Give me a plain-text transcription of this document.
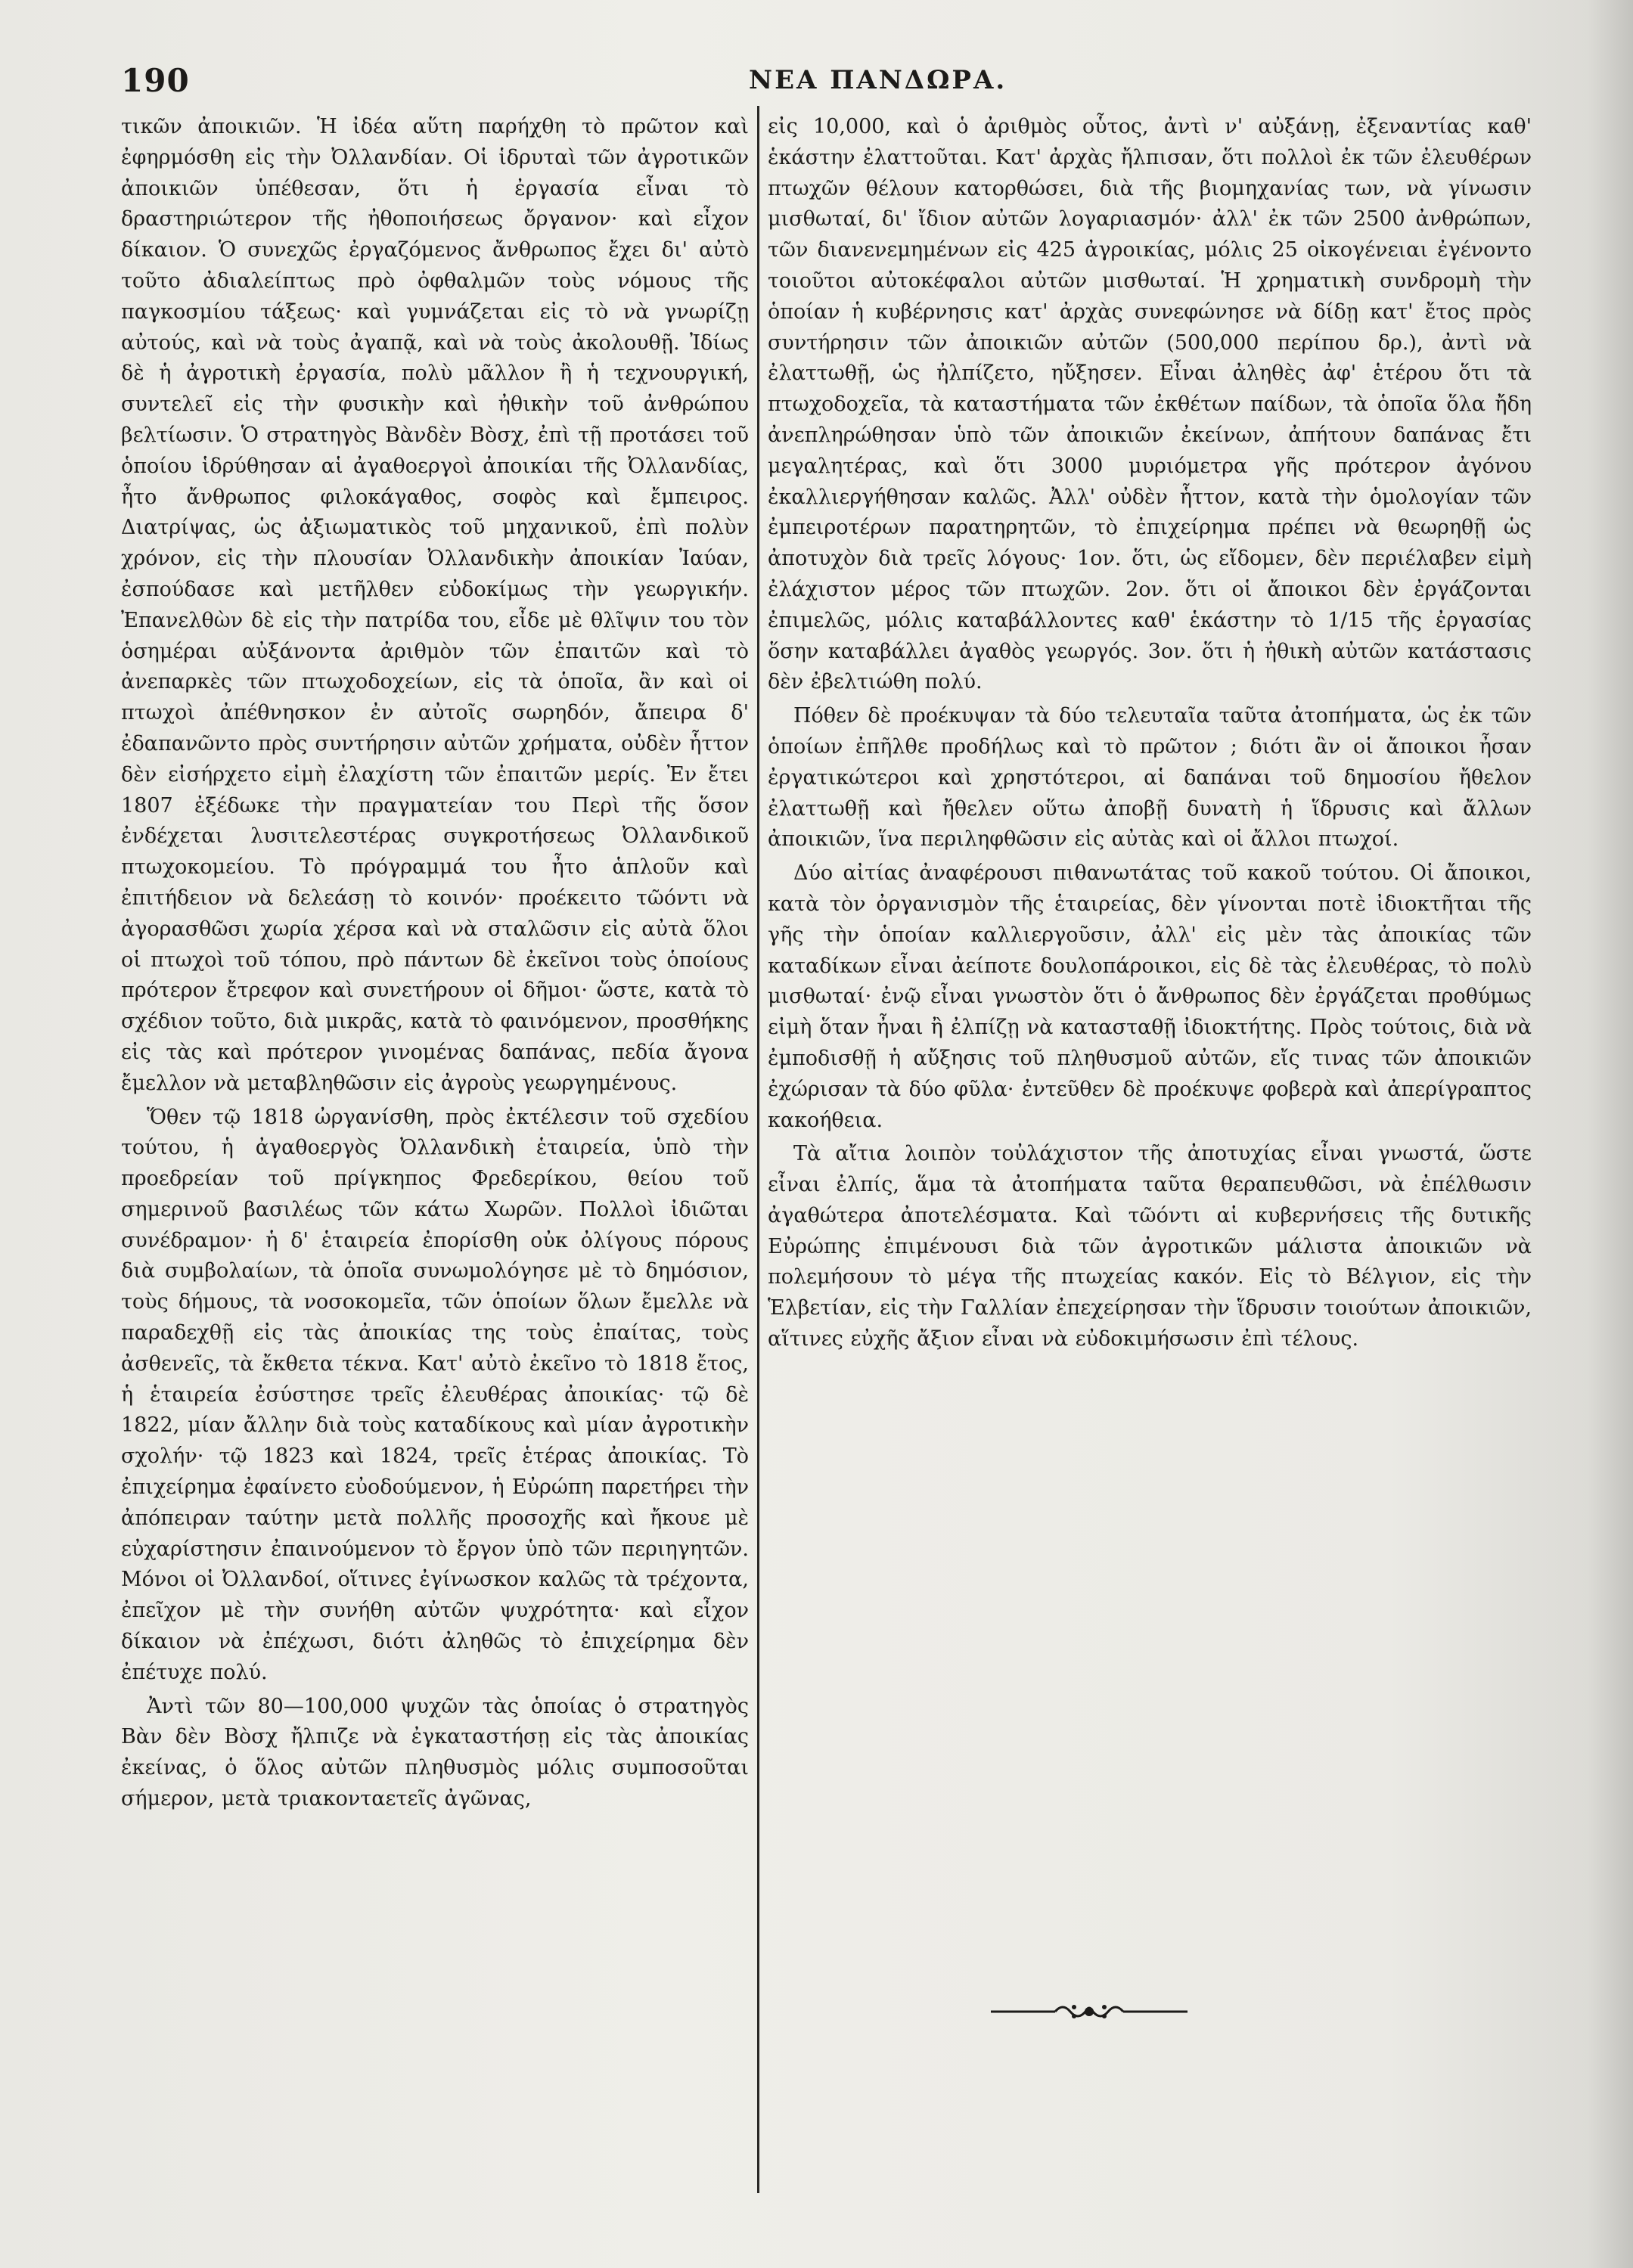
190	ΝΕΑ ΠΑΝΔΩΡΑ.

τικῶν ἀποικιῶν. Ἡ ἰδέα αὕτη παρήχθη τὸ πρῶτον καὶ ἐφηρμόσθη εἰς τὴν Ὀλλανδίαν. Οἱ ἱδρυταὶ τῶν ἀγροτικῶν ἀποικιῶν ὑπέθεσαν, ὅτι ἡ ἐργασία εἶναι τὸ δραστηριώτερον τῆς ἠθοποιήσεως ὄργανον· καὶ εἶχον δίκαιον. Ὁ συνεχῶς ἐργαζόμενος ἄνθρωπος ἔχει δι' αὐτὸ τοῦτο ἀδιαλείπτως πρὸ ὀφθαλμῶν τοὺς νόμους τῆς παγκοσμίου τάξεως· καὶ γυμνάζεται εἰς τὸ νὰ γνωρίζῃ αὐτούς, καὶ νὰ τοὺς ἀγαπᾷ, καὶ νὰ τοὺς ἀκολουθῇ. Ἰδίως δὲ ἡ ἀγροτικὴ ἐργασία, πολὺ μᾶλλον ἢ ἡ τεχνουργική, συντελεῖ εἰς τὴν φυσικὴν καὶ ἠθικὴν τοῦ ἀνθρώπου βελτίωσιν. Ὁ στρατηγὸς Βὰνδὲν Βὸσχ, ἐπὶ τῇ προτάσει τοῦ ὁποίου ἱδρύθησαν αἱ ἀγαθοεργοὶ ἀποικίαι τῆς Ὀλλανδίας, ἦτο ἄνθρωπος φιλοκάγαθος, σοφὸς καὶ ἔμπειρος. Διατρίψας, ὡς ἀξιωματικὸς τοῦ μηχανικοῦ, ἐπὶ πολὺν χρόνον, εἰς τὴν πλουσίαν Ὀλλανδικὴν ἀποικίαν Ἰαύαν, ἐσπούδασε καὶ μετῆλθεν εὐδοκίμως τὴν γεωργικήν. Ἐπανελθὼν δὲ εἰς τὴν πατρίδα του, εἶδε μὲ θλῖψιν του τὸν ὁσημέραι αὐξάνοντα ἀριθμὸν τῶν ἐπαιτῶν καὶ τὸ ἀνεπαρκὲς τῶν πτωχοδοχείων, εἰς τὰ ὁποῖα, ἂν καὶ οἱ πτωχοὶ ἀπέθνησκον ἐν αὐτοῖς σωρηδόν, ἄπειρα δ' ἐδαπανῶντο πρὸς συντήρησιν αὐτῶν χρήματα, οὐδὲν ἧττον δὲν εἰσήρχετο εἰμὴ ἐλαχίστη τῶν ἐπαιτῶν μερίς. Ἐν ἔτει 1807 ἐξέδωκε τὴν πραγματείαν του Περὶ τῆς ὅσον ἐνδέχεται λυσιτελεστέρας συγκροτήσεως Ὀλλανδικοῦ πτωχοκομείου. Τὸ πρόγραμμά του ἦτο ἁπλοῦν καὶ ἐπιτήδειον νὰ δελεάσῃ τὸ κοινόν· προέκειτο τῶόντι νὰ ἀγορασθῶσι χωρία χέρσα καὶ νὰ σταλῶσιν εἰς αὐτὰ ὅλοι οἱ πτωχοὶ τοῦ τόπου, πρὸ πάντων δὲ ἐκεῖνοι τοὺς ὁποίους πρότερον ἔτρεφον καὶ συνετήρουν οἱ δῆμοι· ὥστε, κατὰ τὸ σχέδιον τοῦτο, διὰ μικρᾶς, κατὰ τὸ φαινόμενον, προσθήκης εἰς τὰς καὶ πρότερον γινομένας δαπάνας, πεδία ἄγονα ἔμελλον νὰ μεταβληθῶσιν εἰς ἀγροὺς γεωργημένους.

Ὅθεν τῷ 1818 ὠργανίσθη, πρὸς ἐκτέλεσιν τοῦ σχεδίου τούτου, ἡ ἀγαθοεργὸς Ὀλλανδικὴ ἑταιρεία, ὑπὸ τὴν προεδρείαν τοῦ πρίγκηπος Φρεδερίκου, θείου τοῦ σημερινοῦ βασιλέως τῶν κάτω Χωρῶν. Πολλοὶ ἰδιῶται συνέδραμον· ἡ δ' ἑταιρεία ἐπορίσθη οὐκ ὀλίγους πόρους διὰ συμβολαίων, τὰ ὁποῖα συνωμολόγησε μὲ τὸ δημόσιον, τοὺς δήμους, τὰ νοσοκομεῖα, τῶν ὁποίων ὅλων ἔμελλε νὰ παραδεχθῇ εἰς τὰς ἀποικίας της τοὺς ἐπαίτας, τοὺς ἀσθενεῖς, τὰ ἔκθετα τέκνα. Κατ' αὐτὸ ἐκεῖνο τὸ 1818 ἔτος, ἡ ἑταιρεία ἐσύστησε τρεῖς ἐλευθέρας ἀποικίας· τῷ δὲ 1822, μίαν ἄλλην διὰ τοὺς καταδίκους καὶ μίαν ἀγροτικὴν σχολήν· τῷ 1823 καὶ 1824, τρεῖς ἑτέρας ἀποικίας. Τὸ ἐπιχείρημα ἐφαίνετο εὐοδούμενον, ἡ Εὐρώπη παρετήρει τὴν ἀπόπειραν ταύτην μετὰ πολλῆς προσοχῆς καὶ ἤκουε μὲ εὐχαρίστησιν ἐπαινούμενον τὸ ἔργον ὑπὸ τῶν περιηγητῶν. Μόνοι οἱ Ὀλλανδοί, οἵτινες ἐγίνωσκον καλῶς τὰ τρέχοντα, ἐπεῖχον μὲ τὴν συνήθη αὐτῶν ψυχρότητα· καὶ εἶχον δίκαιον νὰ ἐπέχωσι, διότι ἀληθῶς τὸ ἐπιχείρημα δὲν ἐπέτυχε πολύ.

Ἀντὶ τῶν 80—100,000 ψυχῶν τὰς ὁποίας ὁ στρατηγὸς Βὰν δὲν Βὸσχ ἤλπιζε νὰ ἐγκαταστήσῃ εἰς τὰς ἀποικίας ἐκείνας, ὁ ὅλος αὐτῶν πληθυσμὸς μόλις συμποσοῦται σήμερον, μετὰ τριακονταετεῖς ἀγῶνας,

εἰς 10,000, καὶ ὁ ἀριθμὸς οὗτος, ἀντὶ ν' αὐξάνῃ, ἐξεναντίας καθ' ἑκάστην ἐλαττοῦται. Κατ' ἀρχὰς ἤλπισαν, ὅτι πολλοὶ ἐκ τῶν ἐλευθέρων πτωχῶν θέλουν κατορθώσει, διὰ τῆς βιομηχανίας των, νὰ γίνωσιν μισθωταί, δι' ἴδιον αὐτῶν λογαριασμόν· ἀλλ' ἐκ τῶν 2500 ἀνθρώπων, τῶν διανενεμημένων εἰς 425 ἀγροικίας, μόλις 25 οἰκογένειαι ἐγένοντο τοιοῦτοι αὐτοκέφαλοι αὐτῶν μισθωταί. Ἡ χρηματικὴ συνδρομὴ τὴν ὁποίαν ἡ κυβέρνησις κατ' ἀρχὰς συνεφώνησε νὰ δίδῃ κατ' ἔτος πρὸς συντήρησιν τῶν ἀποικιῶν αὐτῶν (500,000 περίπου δρ.), ἀντὶ νὰ ἐλαττωθῇ, ὡς ἠλπίζετο, ηὔξησεν. Εἶναι ἀληθὲς ἀφ' ἑτέρου ὅτι τὰ πτωχοδοχεῖα, τὰ καταστήματα τῶν ἐκθέτων παίδων, τὰ ὁποῖα ὅλα ἤδη ἀνεπληρώθησαν ὑπὸ τῶν ἀποικιῶν ἐκείνων, ἀπήτουν δαπάνας ἔτι μεγαλητέρας, καὶ ὅτι 3000 μυριόμετρα γῆς πρότερον ἀγόνου ἐκαλλιεργήθησαν καλῶς. Ἀλλ' οὐδὲν ἧττον, κατὰ τὴν ὁμολογίαν τῶν ἐμπειροτέρων παρατηρητῶν, τὸ ἐπιχείρημα πρέπει νὰ θεωρηθῇ ὡς ἀποτυχὸν διὰ τρεῖς λόγους· 1ον. ὅτι, ὡς εἴδομεν, δὲν περιέλαβεν εἰμὴ ἐλάχιστον μέρος τῶν πτωχῶν. 2ον. ὅτι οἱ ἄποικοι δὲν ἐργάζονται ἐπιμελῶς, μόλις καταβάλλοντες καθ' ἑκάστην τὸ 1/15 τῆς ἐργασίας ὅσην καταβάλλει ἀγαθὸς γεωργός. 3ον. ὅτι ἡ ἠθικὴ αὐτῶν κατάστασις δὲν ἐβελτιώθη πολύ.

Πόθεν δὲ προέκυψαν τὰ δύο τελευταῖα ταῦτα ἀτοπήματα, ὡς ἐκ τῶν ὁποίων ἐπῆλθε προδήλως καὶ τὸ πρῶτον ; διότι ἂν οἱ ἄποικοι ἦσαν ἐργατικώτεροι καὶ χρηστότεροι, αἱ δαπάναι τοῦ δημοσίου ἤθελον ἐλαττωθῇ καὶ ἤθελεν οὕτω ἀποβῇ δυνατὴ ἡ ἵδρυσις καὶ ἄλλων ἀποικιῶν, ἵνα περιληφθῶσιν εἰς αὐτὰς καὶ οἱ ἄλλοι πτωχοί.

Δύο αἰτίας ἀναφέρουσι πιθανωτάτας τοῦ κακοῦ τούτου. Οἱ ἄποικοι, κατὰ τὸν ὀργανισμὸν τῆς ἑταιρείας, δὲν γίνονται ποτὲ ἰδιοκτῆται τῆς γῆς τὴν ὁποίαν καλλιεργοῦσιν, ἀλλ' εἰς μὲν τὰς ἀποικίας τῶν καταδίκων εἶναι ἀείποτε δουλοπάροικοι, εἰς δὲ τὰς ἐλευθέρας, τὸ πολὺ μισθωταί· ἐνῷ εἶναι γνωστὸν ὅτι ὁ ἄνθρωπος δὲν ἐργάζεται προθύμως εἰμὴ ὅταν ἦναι ἢ ἐλπίζῃ νὰ κατασταθῇ ἰδιοκτήτης. Πρὸς τούτοις, διὰ νὰ ἐμποδισθῇ ἡ αὔξησις τοῦ πληθυσμοῦ αὐτῶν, εἴς τινας τῶν ἀποικιῶν ἐχώρισαν τὰ δύο φῦλα· ἐντεῦθεν δὲ προέκυψε φοβερὰ καὶ ἀπερίγραπτος κακοήθεια.

Τὰ αἴτια λοιπὸν τοὐλάχιστον τῆς ἀποτυχίας εἶναι γνωστά, ὥστε εἶναι ἐλπίς, ἅμα τὰ ἀτοπήματα ταῦτα θεραπευθῶσι, νὰ ἐπέλθωσιν ἀγαθώτερα ἀποτελέσματα. Καὶ τῶόντι αἱ κυβερνήσεις τῆς δυτικῆς Εὐρώπης ἐπιμένουσι διὰ τῶν ἀγροτικῶν μάλιστα ἀποικιῶν νὰ πολεμήσουν τὸ μέγα τῆς πτωχείας κακόν. Εἰς τὸ Βέλγιον, εἰς τὴν Ἑλβετίαν, εἰς τὴν Γαλλίαν ἐπεχείρησαν τὴν ἵδρυσιν τοιούτων ἀποικιῶν, αἵτινες εὐχῆς ἄξιον εἶναι νὰ εὐδοκιμήσωσιν ἐπὶ τέλους.
